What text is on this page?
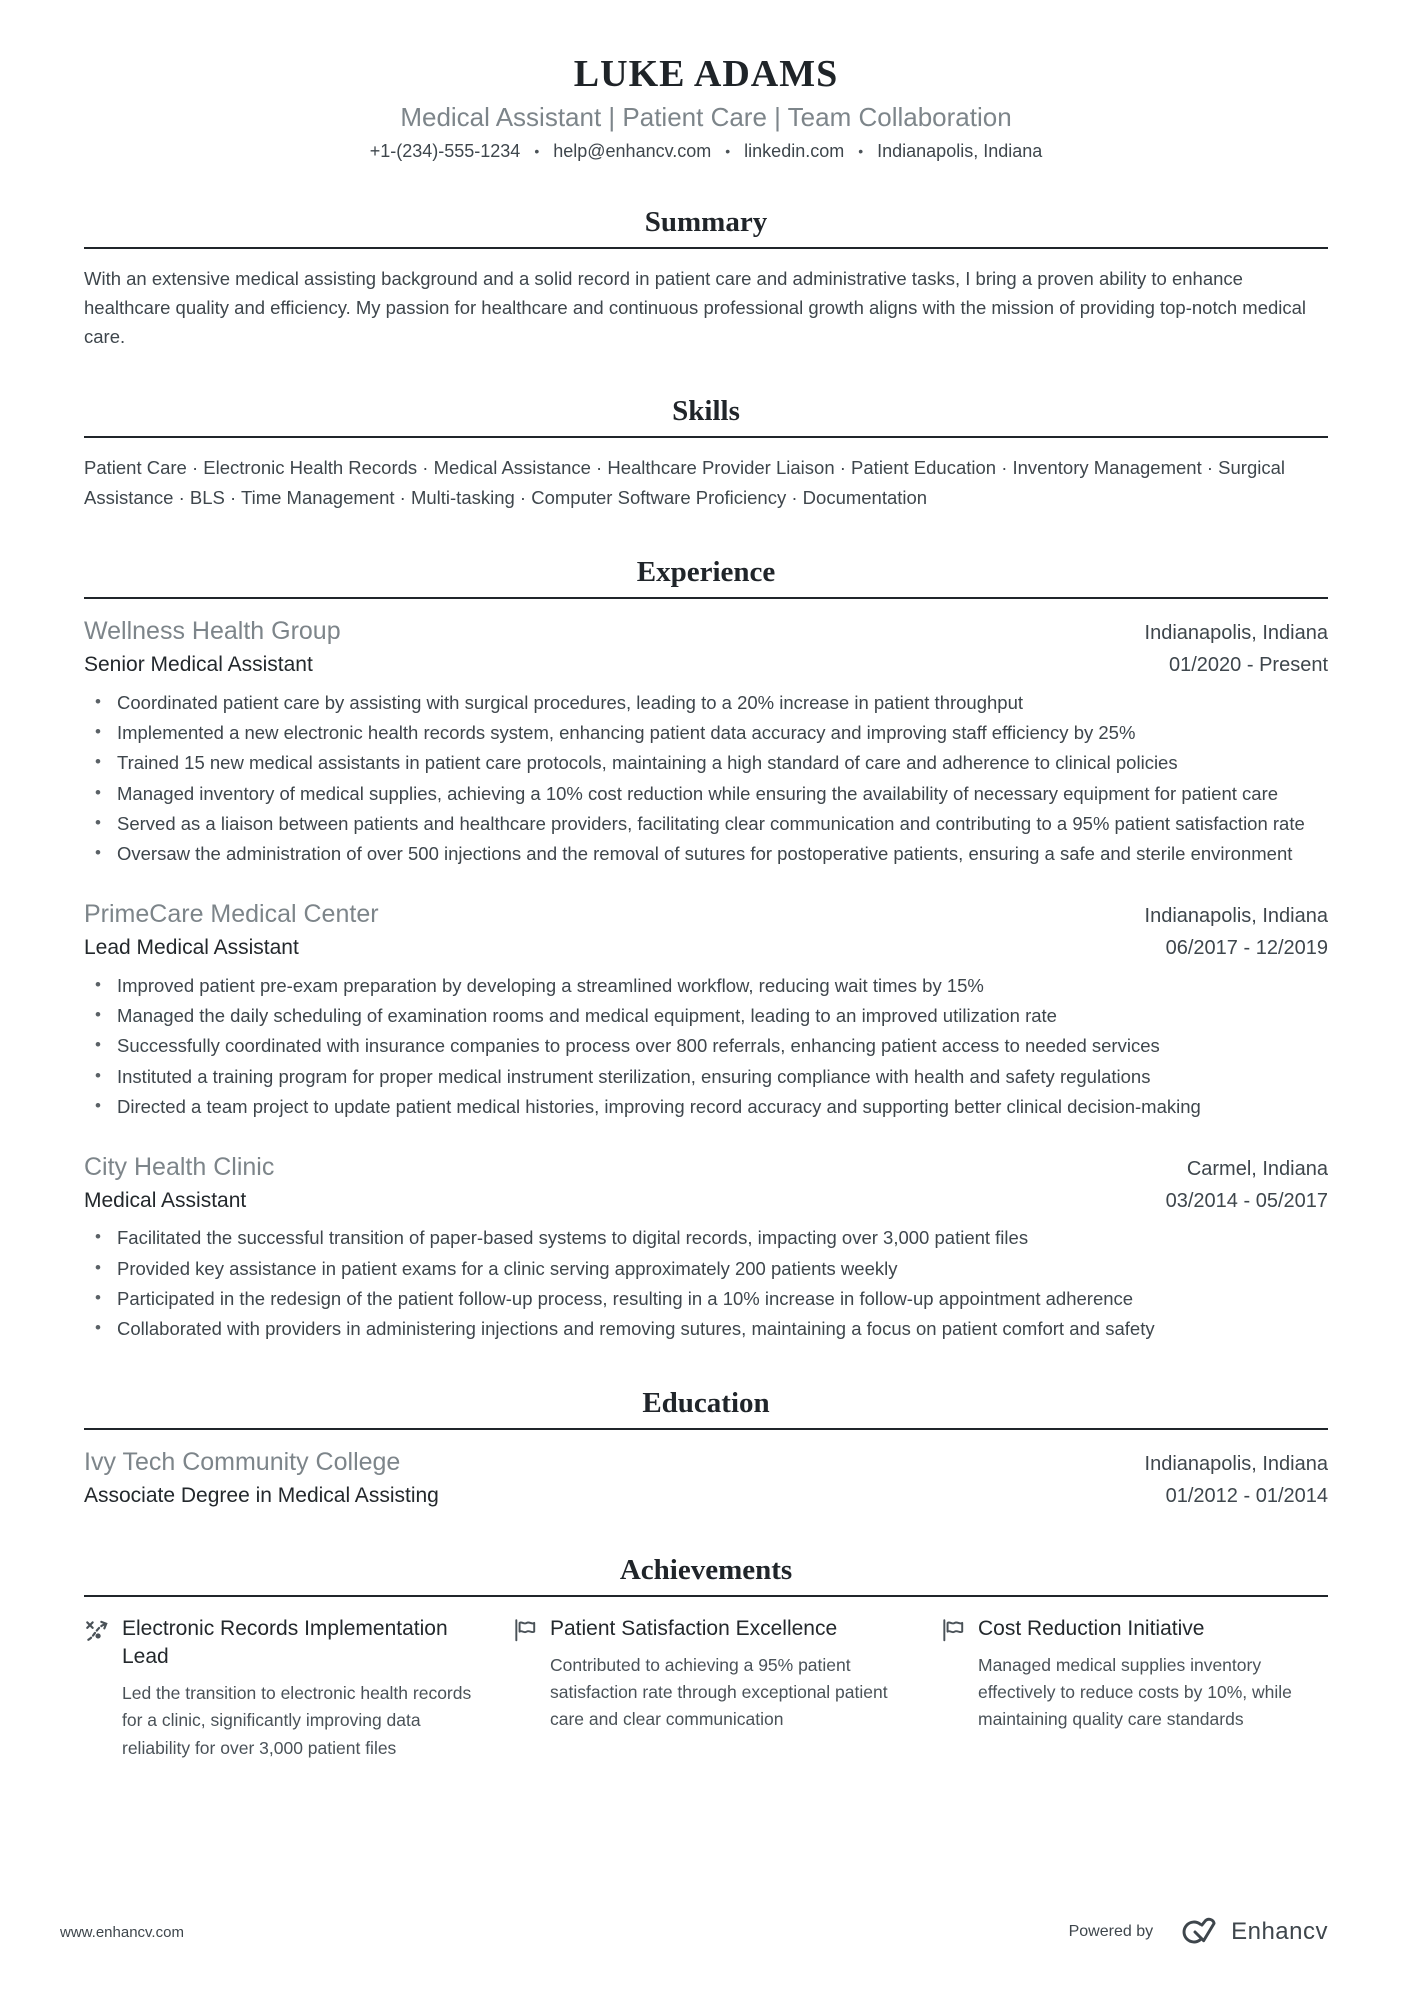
LUKE ADAMS
Medical Assistant | Patient Care | Team Collaboration
+1-(234)-555-1234 • help@enhancv.com • linkedin.com • Indianapolis, Indiana
Summary

With an extensive medical assisting background and a solid record in patient care and administrative tasks, I bring a proven ability to enhance healthcare quality and efficiency. My passion for healthcare and continuous professional growth aligns with the mission of providing top-notch medical care.

Skills

Patient Care · Electronic Health Records · Medical Assistance · Healthcare Provider Liaison · Patient Education · Inventory Management · Surgical Assistance · BLS · Time Management · Multi-tasking · Computer Software Proficiency · Documentation

Experience
Wellness Health Group	Indianapolis, Indiana
Senior Medical Assistant	01/2020 - Present
• Coordinated patient care by assisting with surgical procedures, leading to a 20% increase in patient throughput
• Implemented a new electronic health records system, enhancing patient data accuracy and improving staff efficiency by 25%
• Trained 15 new medical assistants in patient care protocols, maintaining a high standard of care and adherence to clinical policies
• Managed inventory of medical supplies, achieving a 10% cost reduction while ensuring the availability of necessary equipment for patient care
• Served as a liaison between patients and healthcare providers, facilitating clear communication and contributing to a 95% patient satisfaction rate
• Oversaw the administration of over 500 injections and the removal of sutures for postoperative patients, ensuring a safe and sterile environment
PrimeCare Medical Center	Indianapolis, Indiana
Lead Medical Assistant	06/2017 - 12/2019
• Improved patient pre-exam preparation by developing a streamlined workflow, reducing wait times by 15%
• Managed the daily scheduling of examination rooms and medical equipment, leading to an improved utilization rate
• Successfully coordinated with insurance companies to process over 800 referrals, enhancing patient access to needed services
• Instituted a training program for proper medical instrument sterilization, ensuring compliance with health and safety regulations
• Directed a team project to update patient medical histories, improving record accuracy and supporting better clinical decision-making
City Health Clinic	Carmel, Indiana
Medical Assistant	03/2014 - 05/2017
• Facilitated the successful transition of paper-based systems to digital records, impacting over 3,000 patient files
• Provided key assistance in patient exams for a clinic serving approximately 200 patients weekly
• Participated in the redesign of the patient follow-up process, resulting in a 10% increase in follow-up appointment adherence
• Collaborated with providers in administering injections and removing sutures, maintaining a focus on patient comfort and safety
Education
Ivy Tech Community College	Indianapolis, Indiana
Associate Degree in Medical Assisting	01/2012 - 01/2014
Achievements
Electronic Records Implementation Lead
Led the transition to electronic health records for a clinic, significantly improving data reliability for over 3,000 patient files
Patient Satisfaction Excellence
Contributed to achieving a 95% patient satisfaction rate through exceptional patient care and clear communication
Cost Reduction Initiative
Managed medical supplies inventory effectively to reduce costs by 10%, while maintaining quality care standards
www.enhancv.com	Powered by	Enhancv
